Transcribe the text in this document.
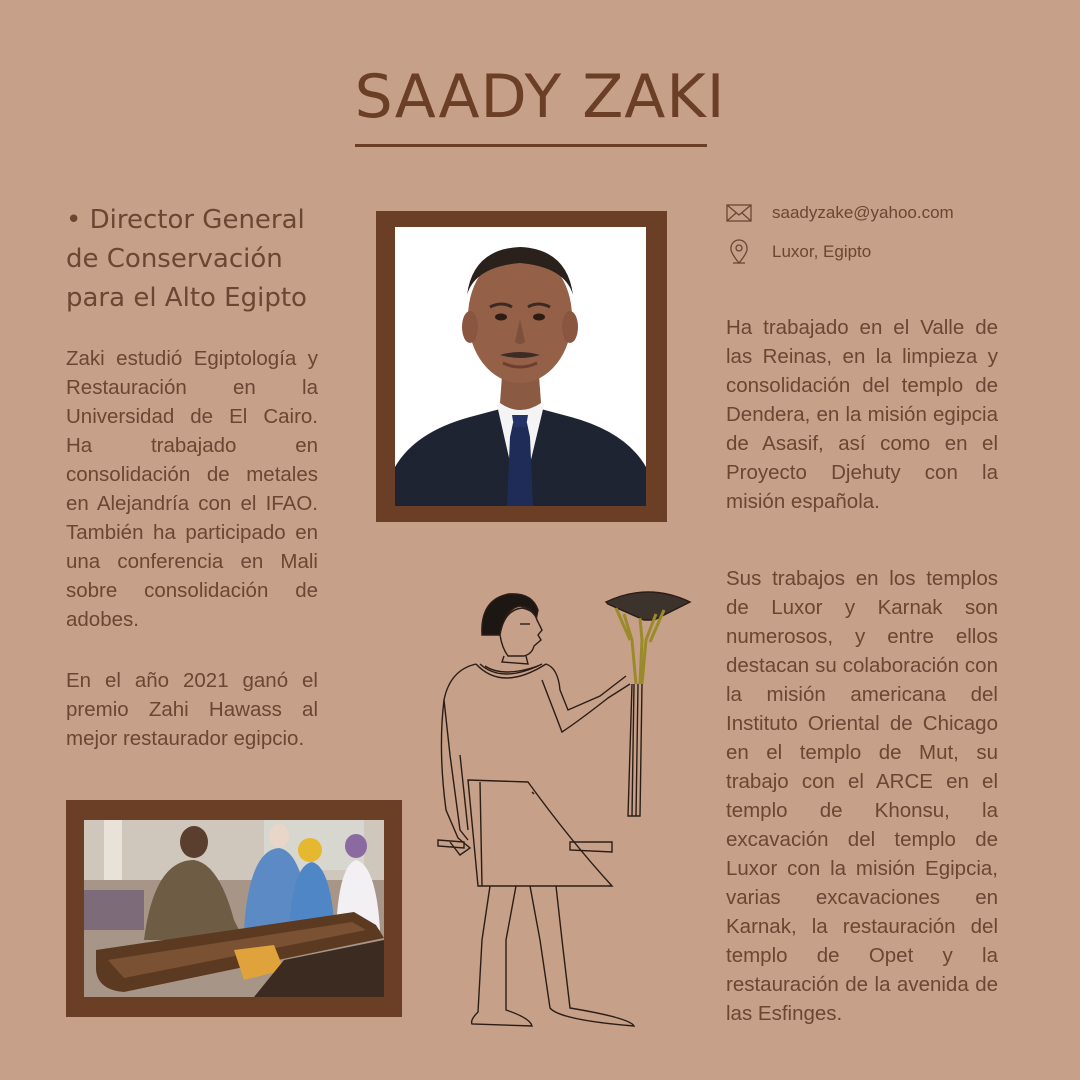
SAADY ZAKI
• Director General de Conservación para el Alto Egipto

Zaki estudió Egiptología y Restauración en la Universidad de El Cairo. Ha trabajado en consolidación de metales en Alejandría con el IFAO. También ha participado en una conferencia en Mali sobre consolidación de adobes.

En el año 2021 ganó el premio Zahi Hawass al mejor restaurador egipcio.

saadyzake@yahoo.com
Luxor, Egipto

Ha trabajado en el Valle de las Reinas, en la limpieza y consolidación del templo de Dendera, en la misión egipcia de Asasif, así como en el Proyecto Djehuty con la misión española.

Sus trabajos en los templos de Luxor y Karnak son numerosos, y entre ellos destacan su colaboración con la misión americana del Instituto Oriental de Chicago en el templo de Mut, su trabajo con el ARCE en el templo de Khonsu, la excavación del templo de Luxor con la misión Egipcia, varias excavaciones en Karnak, la restauración del templo de Opet y la restauración de la avenida de las Esfinges.
